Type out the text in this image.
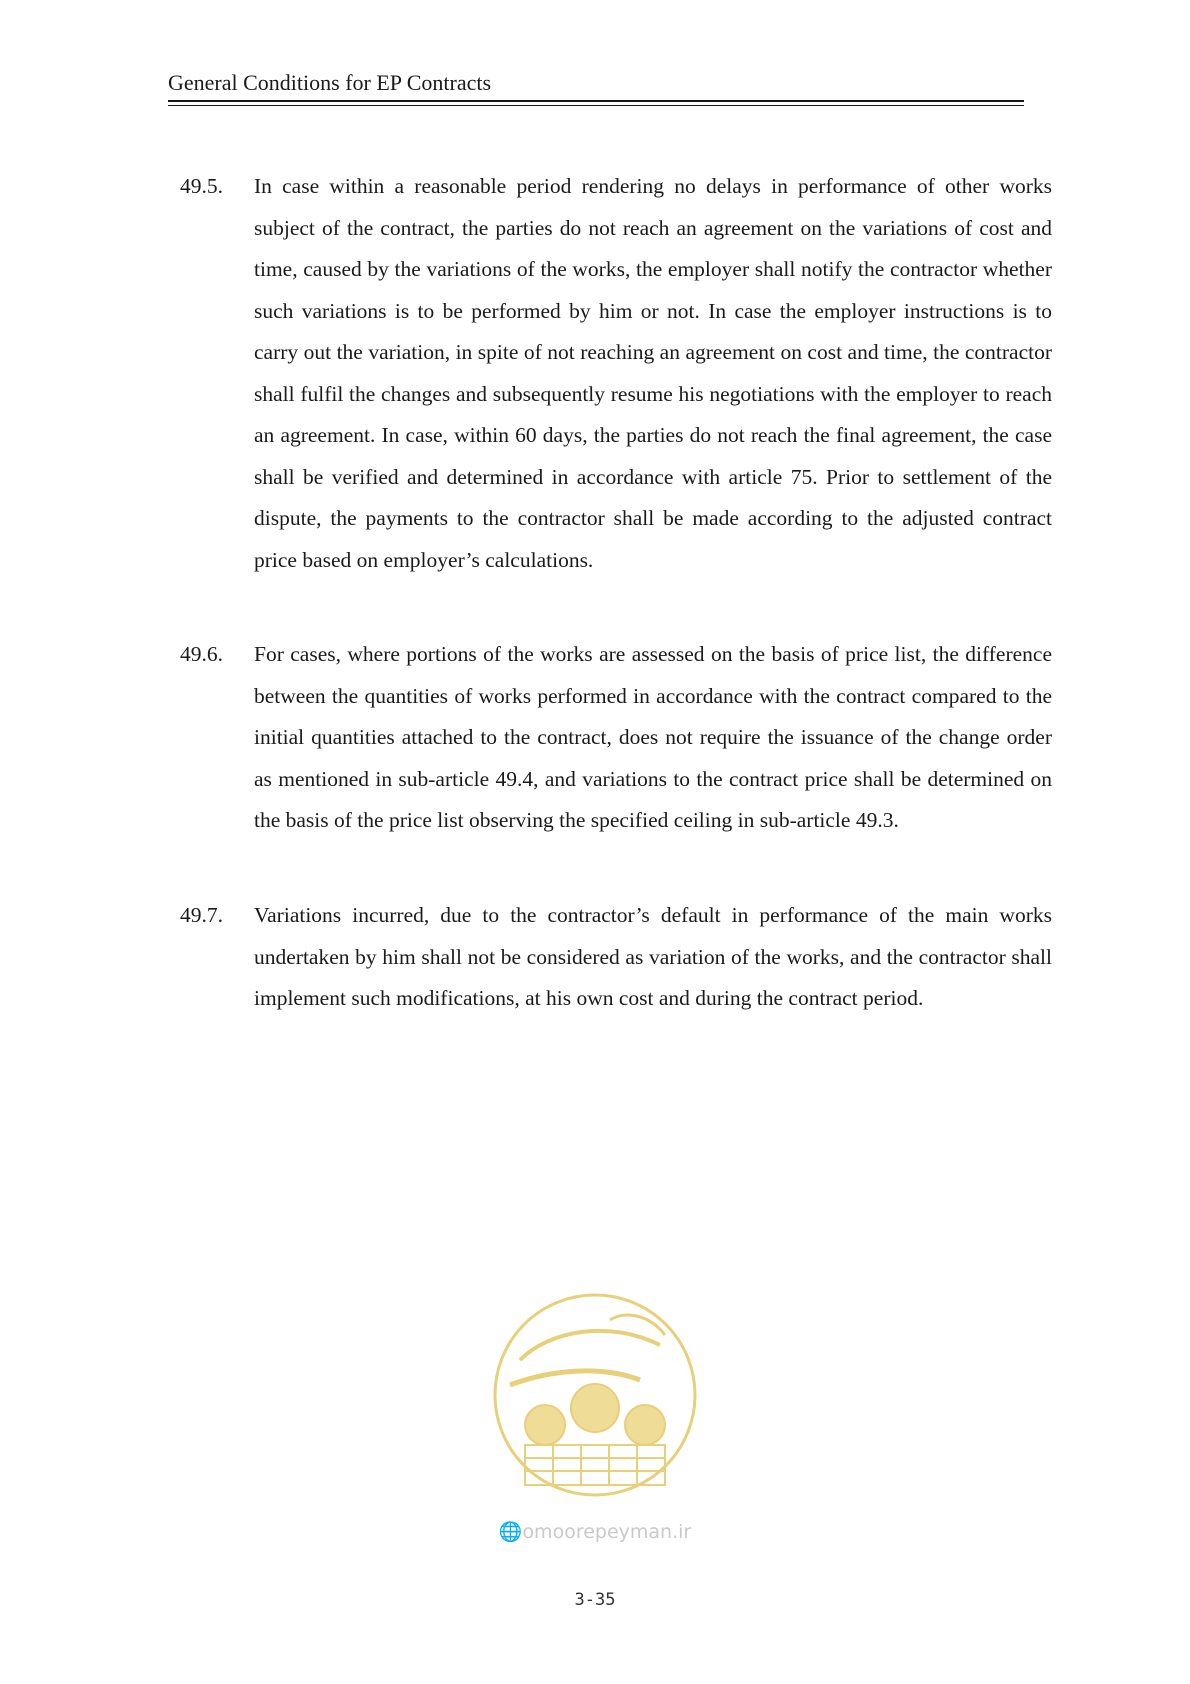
General Conditions for EP Contracts
49.5.	In case within a reasonable period rendering no delays in performance of other works subject of the contract, the parties do not reach an agreement on the variations of cost and time, caused by the variations of the works, the employer shall notify the contractor whether such variations is to be performed by him or not. In case the employer instructions is to carry out the variation, in spite of not reaching an agreement on cost and time, the contractor shall fulfil the changes and subsequently resume his negotiations with the employer to reach an agreement. In case, within 60 days, the parties do not reach the final agreement, the case shall be verified and determined in accordance with article 75. Prior to settlement of the dispute, the payments to the contractor shall be made according to the adjusted contract price based on employer’s calculations.
49.6.	For cases, where portions of the works are assessed on the basis of price list, the difference between the quantities of works performed in accordance with the contract compared to the initial quantities attached to the contract, does not require the issuance of the change order as mentioned in sub-article 49.4, and variations to the contract price shall be determined on the basis of the price list observing the specified ceiling in sub-article 49.3.
49.7.	Variations incurred, due to the contractor’s default in performance of the main works undertaken by him shall not be considered as variation of the works, and the contractor shall implement such modifications, at his own cost and during the contract period.
🌐omoorepeyman.ir
3-35
